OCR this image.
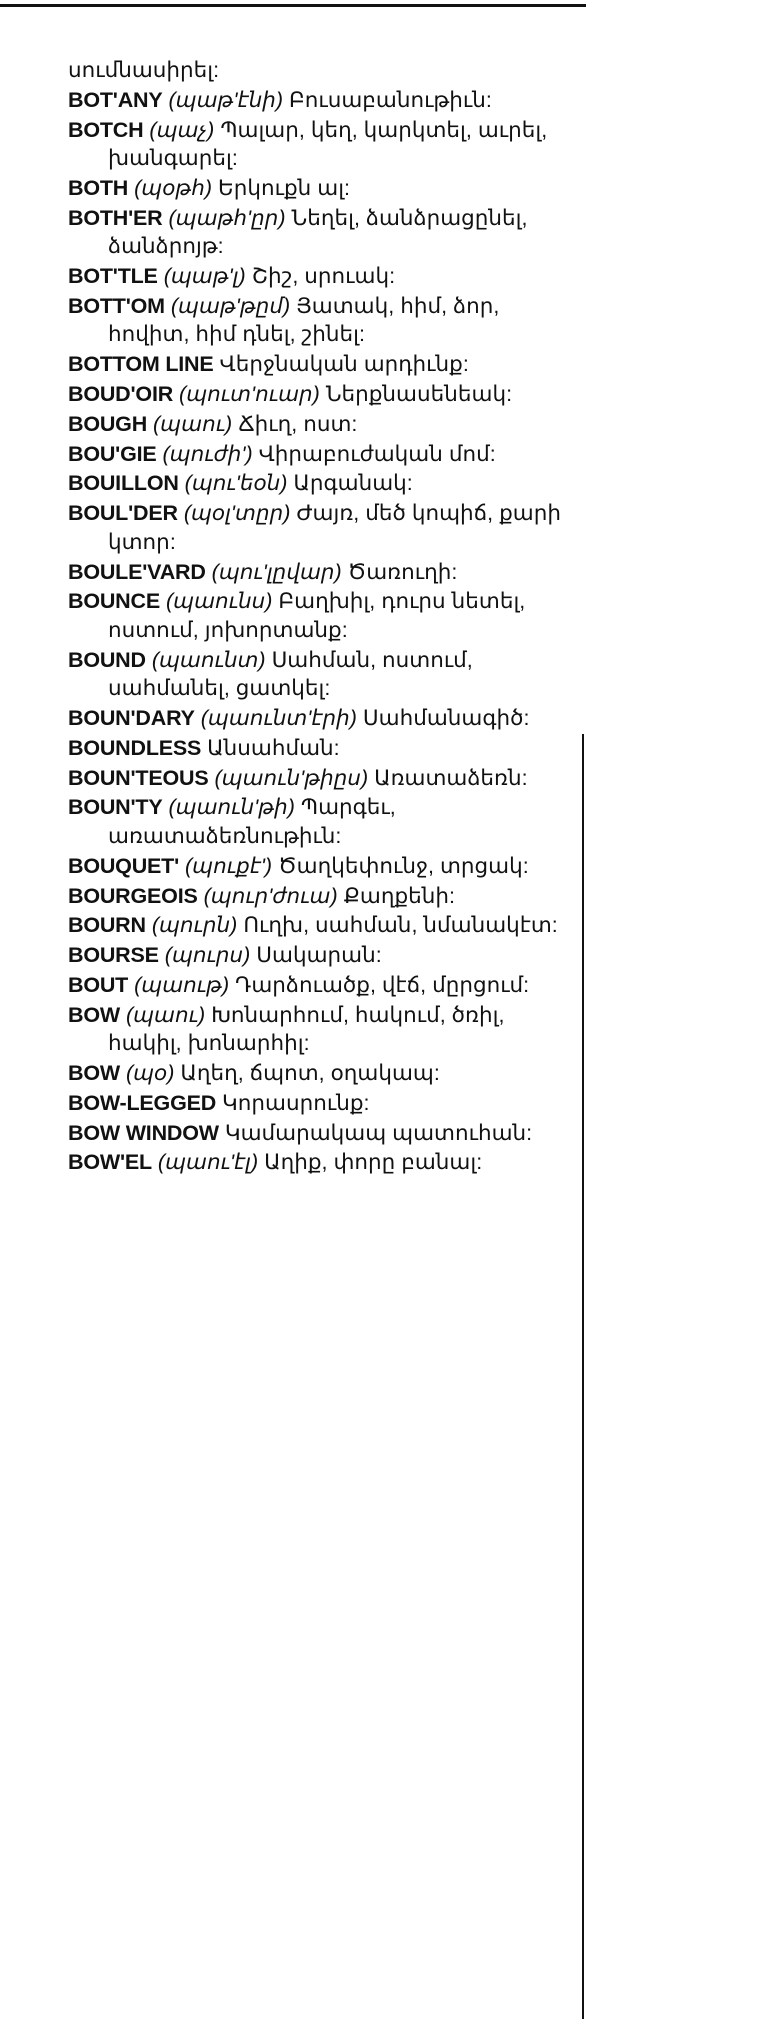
սումնասիրել:
BOT'ANY (պաթ'էնի) Բուսաբանութիւն:
BOTCH (պաչ) Պալար, կեղ, կարկտել, աւրել, խանգարել:
BOTH (պօթհ) Երկուքն ալ:
BOTH'ER (պաթհ'ըր) Նեղել, ձանձրացընել, ձանձրոյթ:
BOT'TLE (պաթ'լ) Շիշ, սրուակ:
BOTT'OM (պաթ'թըմ) Յատակ, հիմ, ձոր, հովիտ, հիմ դնել, շինել:
BOTTOM LINE Վերջնական արդիւնք:
BOUD'OIR (պուտ'ուար) Ներքնասենեակ:
BOUGH (պաու) Ճիւղ, ոստ:
BOU'GIE (պուժի') Վիրաբուժական մոմ:
BOUILLON (պու'եօն) Արգանակ:
BOUL'DER (պօլ'տըր) Ժայռ, մեծ կոպիճ, քարի կտոր:
BOULE'VARD (պու'լըվար) Ծառուղի:
BOUNCE (պաունս) Բաղխիլ, դուրս նետել, ոստում, յոխորտանք:
BOUND (պաունտ) Սահման, ոստում, սահմանել, ցատկել:
BOUN'DARY (պաունտ'էրի) Սահմանագիծ:
BOUNDLESS Անսահման:
BOUN'TEOUS (պաուն'թիըս) Առատաձեռն:
BOUN'TY (պաուն'թի) Պարգեւ, առատաձեռնութիւն:
BOUQUET' (պուքէ') Ծաղկեփունջ, տրցակ:
BOURGEOIS (պուր'ժուա) Քաղքենի:
BOURN (պուրն) Ուղխ, սահման, նմանակէտ:
BOURSE (պուրս) Սակարան:
BOUT (պաութ) Դարձուածք, վէճ, մըրցում:
BOW (պաու) Խոնարհում, հակում, ծռիլ, հակիլ, խոնարհիլ:
BOW (պօ) Աղեղ, ճպոտ, օղակապ:
BOW-LEGGED Կորասրունք:
BOW WINDOW Կամարակապ պատուհան:
BOW'EL (պաու'էլ) Աղիք, փորը բանալ:
